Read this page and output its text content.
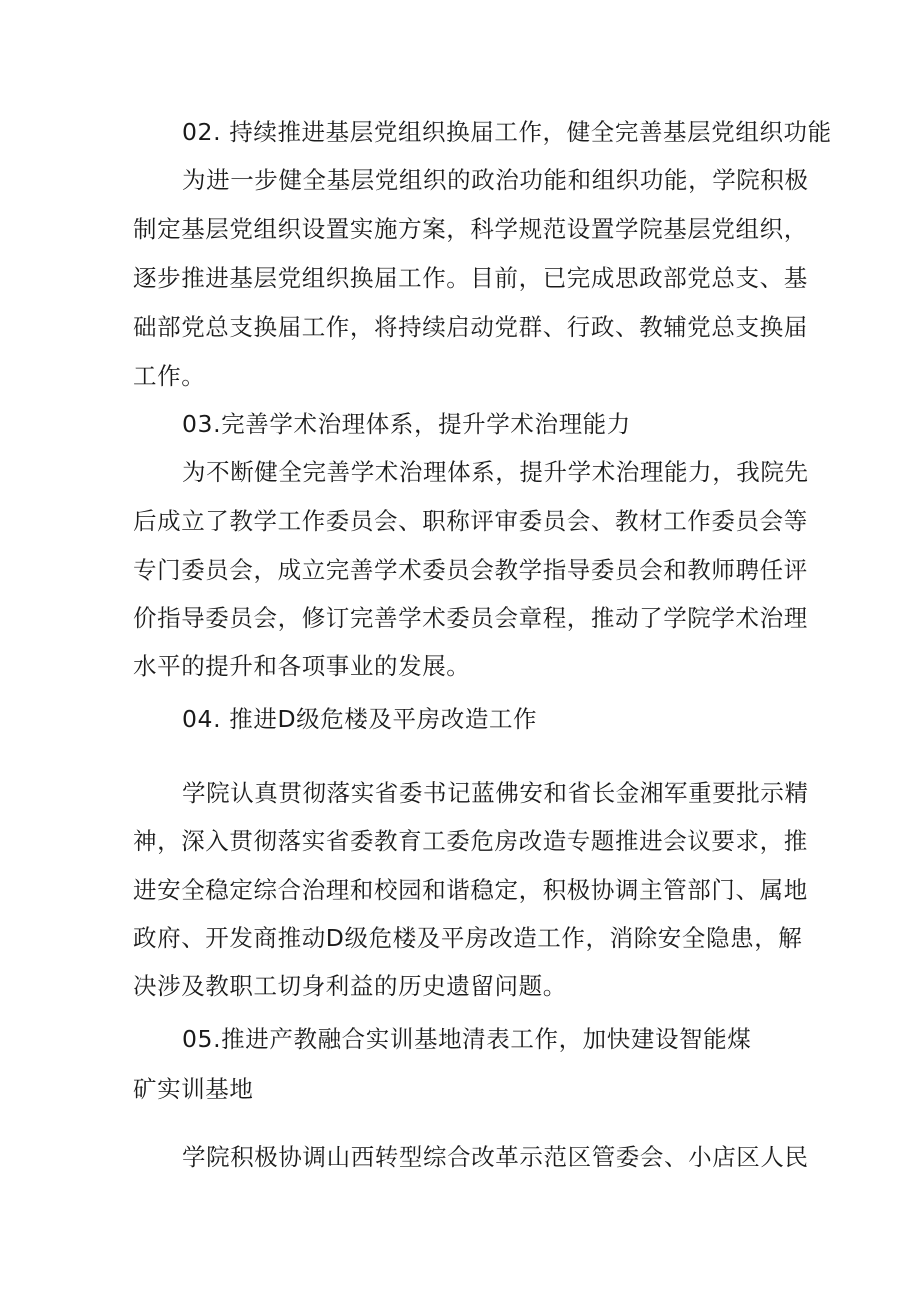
02. 持续推进基层党组织换届工作，健全完善基层党组织功能
为进一步健全基层党组织的政治功能和组织功能，学院积极
制定基层党组织设置实施方案，科学规范设置学院基层党组织，
逐步推进基层党组织换届工作。目前，已完成思政部党总支、基
础部党总支换届工作，将持续启动党群、行政、教辅党总支换届
工作。
03.完善学术治理体系，提升学术治理能力
为不断健全完善学术治理体系，提升学术治理能力，我院先
后成立了教学工作委员会、职称评审委员会、教材工作委员会等
专门委员会，成立完善学术委员会教学指导委员会和教师聘任评
价指导委员会，修订完善学术委员会章程，推动了学院学术治理
水平的提升和各项事业的发展。
04. 推进D级危楼及平房改造工作
学院认真贯彻落实省委书记蓝佛安和省长金湘军重要批示精
神，深入贯彻落实省委教育工委危房改造专题推进会议要求，推
进安全稳定综合治理和校园和谐稳定，积极协调主管部门、属地
政府、开发商推动D级危楼及平房改造工作，消除安全隐患，解
决涉及教职工切身利益的历史遗留问题。
05.推进产教融合实训基地清表工作，加快建设智能煤
矿实训基地
学院积极协调山西转型综合改革示范区管委会、小店区人民
